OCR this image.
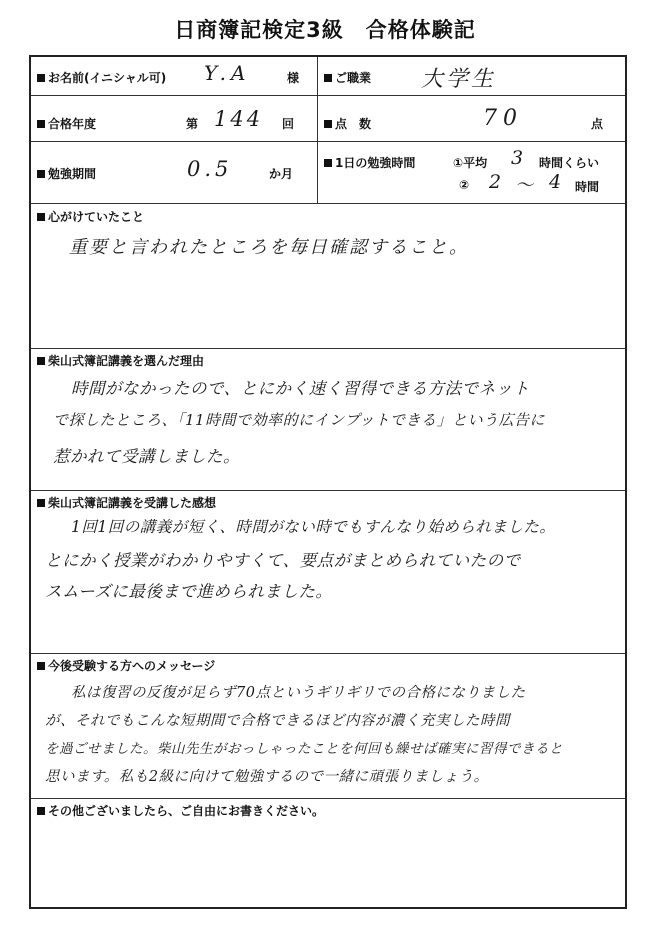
日商簿記検定3級　合格体験記
お名前(イニシャル可) Y.A	様	ご職業 大学生
合格年度	第 144 回	点　数	70	点
勉強期間	0.5	か月
1日の勉強時間	①平均 3 時間くらい
② 2 〜 4 時間
心がけていたこと
重要と言われたところを毎日確認すること。
柴山式簿記講義を選んだ理由
時間がなかったので、とにかく速く習得できる方法でネット
で探したところ、「11時間で効率的にインプットできる」という広告に
惹かれて受講しました。
柴山式簿記講義を受講した感想
1回1回の講義が短く、時間がない時でもすんなり始められました。
とにかく授業がわかりやすくて、要点がまとめられていたので
スムーズに最後まで進められました。
今後受験する方へのメッセージ
私は復習の反復が足らず70点というギリギリでの合格になりました
が、それでもこんな短期間で合格できるほど内容が濃く充実した時間
を過ごせました。柴山先生がおっしゃったことを何回も繰せば確実に習得できると
思います。私も2級に向けて勉強するので一緒に頑張りましょう。
その他ございましたら、ご自由にお書きください。
